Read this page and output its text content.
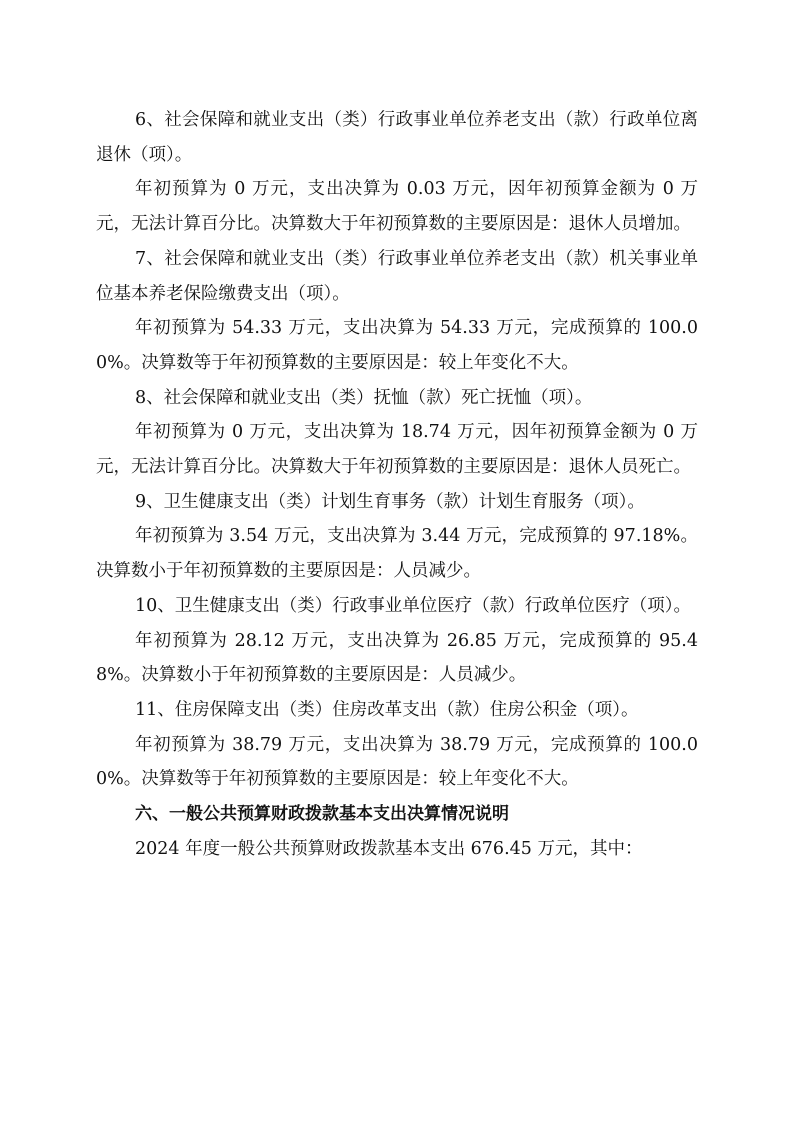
6、社会保障和就业支出（类）行政事业单位养老支出（款）行政单位离退休（项）。

年初预算为 0 万元，支出决算为 0.03 万元，因年初预算金额为 0 万元，无法计算百分比。决算数大于年初预算数的主要原因是：退休人员增加。

7、社会保障和就业支出（类）行政事业单位养老支出（款）机关事业单位基本养老保险缴费支出（项）。

年初预算为 54.33 万元，支出决算为 54.33 万元，完成预算的 100.00%。决算数等于年初预算数的主要原因是：较上年变化不大。

8、社会保障和就业支出（类）抚恤（款）死亡抚恤（项）。

年初预算为 0 万元，支出决算为 18.74 万元，因年初预算金额为 0 万元，无法计算百分比。决算数大于年初预算数的主要原因是：退休人员死亡。

9、卫生健康支出（类）计划生育事务（款）计划生育服务（项）。

年初预算为 3.54 万元，支出决算为 3.44 万元，完成预算的 97.18%。决算数小于年初预算数的主要原因是：人员减少。

10、卫生健康支出（类）行政事业单位医疗（款）行政单位医疗（项）。

年初预算为 28.12 万元，支出决算为 26.85 万元，完成预算的 95.48%。决算数小于年初预算数的主要原因是：人员减少。

11、住房保障支出（类）住房改革支出（款）住房公积金（项）。

年初预算为 38.79 万元，支出决算为 38.79 万元，完成预算的 100.00%。决算数等于年初预算数的主要原因是：较上年变化不大。

六、一般公共预算财政拨款基本支出决算情况说明

2024 年度一般公共预算财政拨款基本支出 676.45 万元，其中：
